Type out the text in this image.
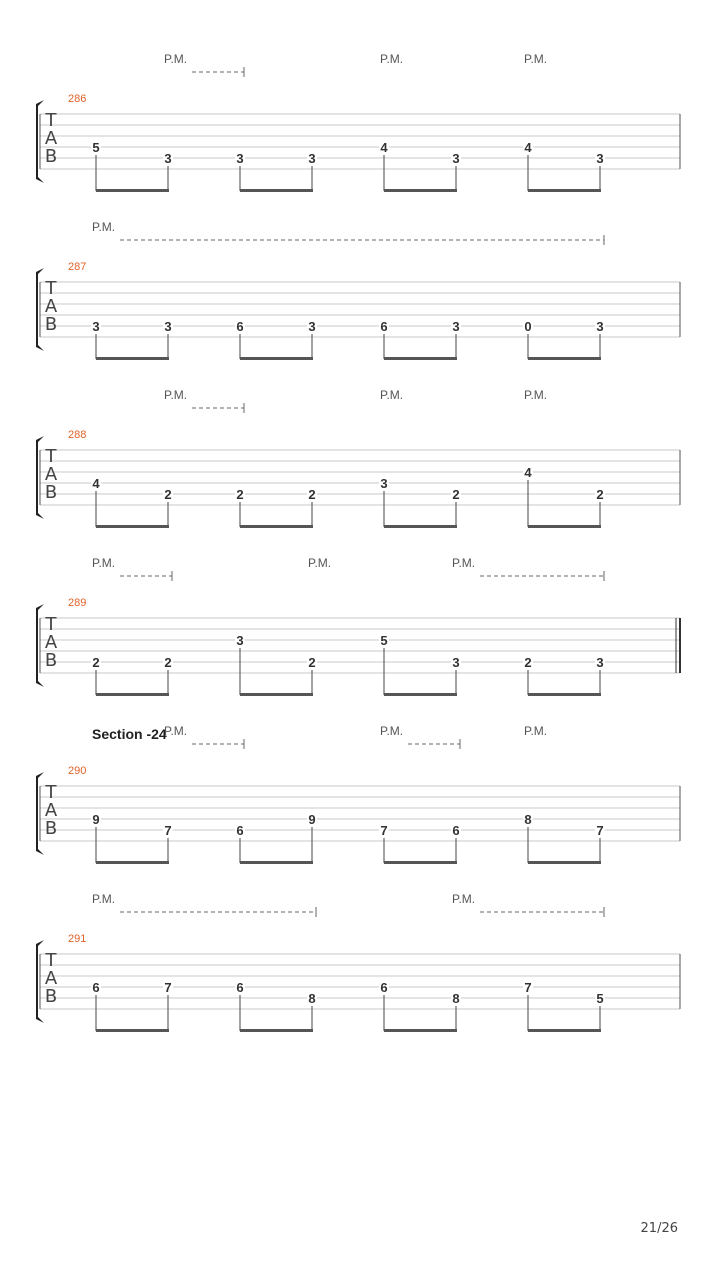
T
A
B
286
P.M.	P.M.	P.M.
5
3	3	3
4
3
4
3
T
A
B
287
P.M.
3	3	6	3	6	3	0	3
T
A
B
288
P.M.	P.M.	P.M.
4
2	2	2
3
2
4
2
T
A
B
289
P.M.	P.M.	P.M.
2	2
3
2
5
3	2	3
T
A
B
290
Section -24
P.M.	P.M.	P.M.
9
7	6
9
7	6
8
7
T
A
B
291
P.M.	P.M.
6	7	6
8
6
8
7
5
21/26
